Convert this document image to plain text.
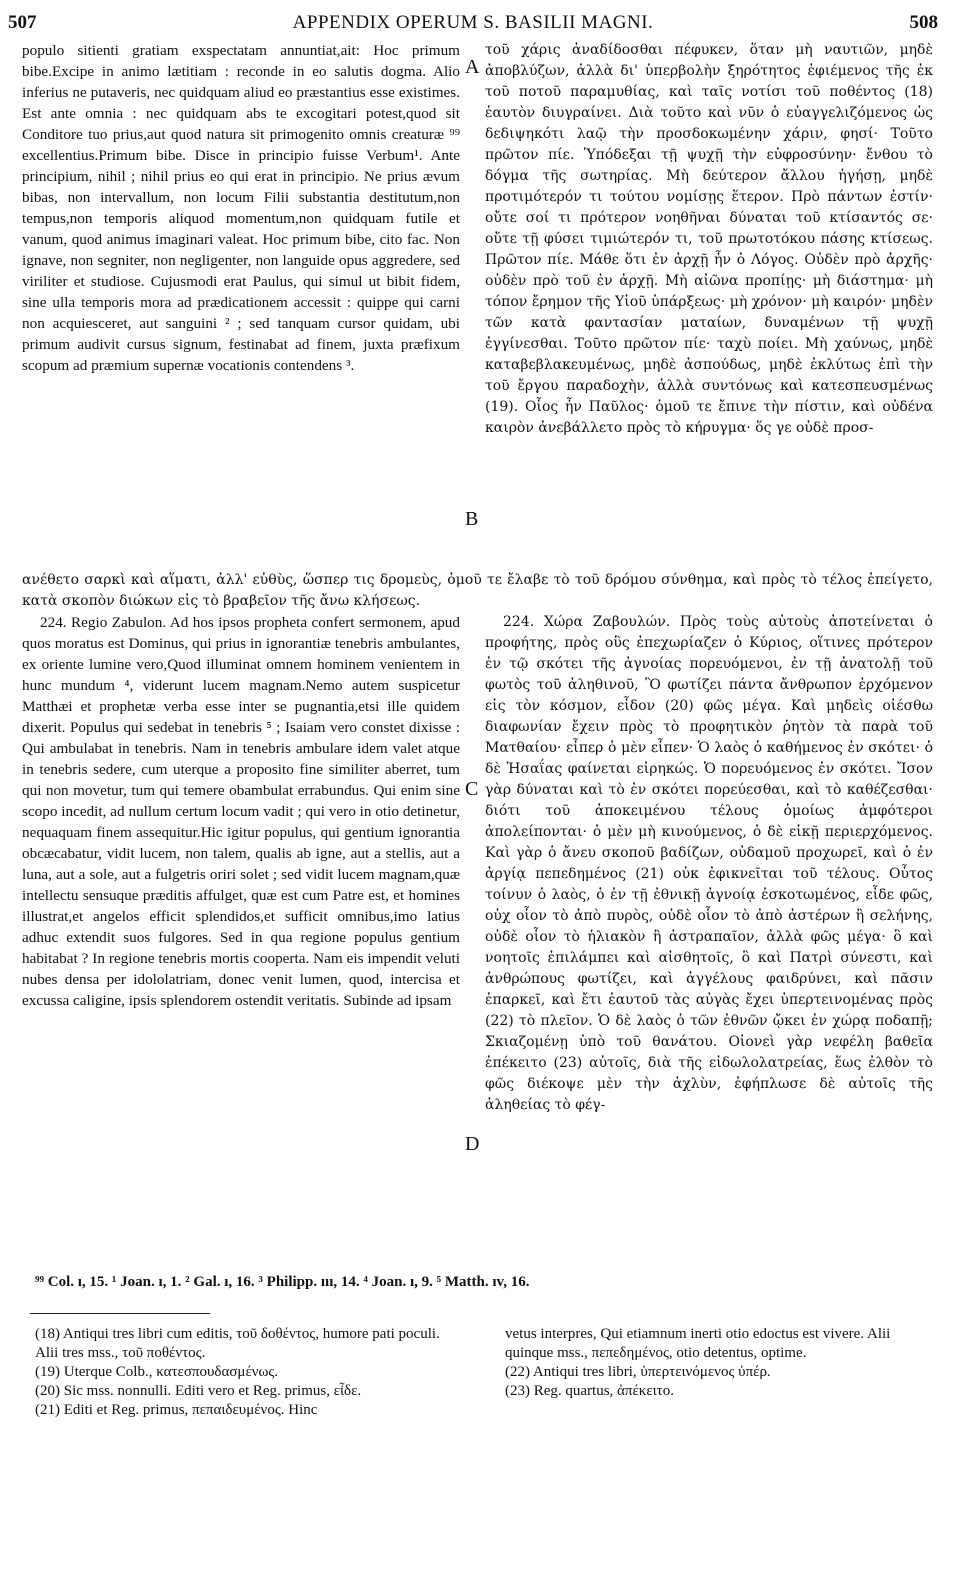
507	APPENDIX OPERUM S. BASILII MAGNI.	508

populo sitienti gratiam exspectatam annuntiat,ait: Hoc primum bibe.Excipe in animo lætitiam : reconde in eo salutis dogma. Alio inferius ne putaveris, nec quidquam aliud eo præstantius esse existimes. Est ante omnia : nec quidquam abs te excogitari potest,quod sit Conditore tuo prius,aut quod natura sit primogenito omnis creaturæ ⁹⁹ excellentius.Primum bibe. Disce in principio fuisse Verbum¹. Ante principium, nihil ; nihil prius eo qui erat in principio. Ne prius ævum bibas, non intervallum, non locum Filii substantia destitutum,non tempus,non temporis aliquod momentum,non quidquam futile et vanum, quod animus imaginari valeat. Hoc primum bibe, cito fac. Non ignave, non segniter, non negligenter, non languide opus aggredere, sed viriliter et studiose. Cujusmodi erat Paulus, qui simul ut bibit fidem, sine ulla temporis mora ad prædicationem accessit : quippe qui carni non acquiesceret, aut sanguini ² ; sed tanquam cursor quidam, ubi primum audivit cursus signum, festinabat ad finem, juxta præfixum scopum ad præmium supernæ vocationis contendens ³.

A
B

τοῦ χάρις ἀναδίδοσθαι πέφυκεν, ὅταν μὴ ναυτιῶν, μηδὲ ἀποβλύζων, ἀλλὰ δι' ὑπερβολὴν ξηρότητος ἐφιέμενος τῆς ἐκ τοῦ ποτοῦ παραμυθίας, καὶ ταῖς νοτίσι τοῦ ποθέντος (18) ἑαυτὸν διυγραίνει. Διὰ τοῦτο καὶ νῦν ὁ εὐαγγελιζόμενος ὡς δεδιψηκότι λαῷ τὴν προσδοκωμένην χάριν, φησί· Τοῦτο πρῶτον πίε. Ὑπόδεξαι τῇ ψυχῇ τὴν εὐφροσύνην· ἔνθου τὸ δόγμα τῆς σωτηρίας. Μὴ δεύτερον ἄλλου ἡγήσῃ, μηδὲ προτιμότερόν τι τούτου νομίσῃς ἕτερον. Πρὸ πάντων ἐστίν· οὔτε σοί τι πρότερον νοηθῆναι δύναται τοῦ κτίσαντός σε· οὔτε τῇ φύσει τιμιώτερόν τι, τοῦ πρωτοτόκου πάσης κτίσεως. Πρῶτον πίε. Μάθε ὅτι ἐν ἀρχῇ ἦν ὁ Λόγος. Οὐδὲν πρὸ ἀρχῆς· οὐδὲν πρὸ τοῦ ἐν ἀρχῇ. Μὴ αἰῶνα προπίῃς· μὴ διάστημα· μὴ τόπον ἔρημον τῆς Υἱοῦ ὑπάρξεως· μὴ χρόνον· μὴ καιρόν· μηδὲν τῶν κατὰ φαντασίαν ματαίων, δυναμένων τῇ ψυχῇ ἐγγίνεσθαι. Τοῦτο πρῶτον πίε· ταχὺ ποίει. Μὴ χαύνως, μηδὲ καταβεβλακευμένως, μηδὲ ἀσπούδως, μηδὲ ἐκλύτως ἐπὶ τὴν τοῦ ἔργου παραδοχὴν, ἀλλὰ συντόνως καὶ κατεσπευσμένως (19). Οἷος ἦν Παῦλος· ὁμοῦ τε ἔπινε τὴν πίστιν, καὶ οὐδένα καιρὸν ἀνεβάλλετο πρὸς τὸ κήρυγμα· ὅς γε οὐδὲ προσ-

ανέθετο σαρκὶ καὶ αἵματι, ἀλλ' εὐθὺς, ὥσπερ τις δρομεὺς, ὁμοῦ τε ἔλαβε τὸ τοῦ δρόμου σύνθημα, καὶ πρὸς τὸ τέλος ἐπείγετο, κατὰ σκοπὸν διώκων εἰς τὸ βραβεῖον τῆς ἄνω κλήσεως.

224. Regio Zabulon. Ad hos ipsos propheta confert sermonem, apud quos moratus est Dominus, qui prius in ignorantiæ tenebris ambulantes, ex oriente lumine vero,Quod illuminat omnem hominem venientem in hunc mundum ⁴, viderunt lucem magnam.Nemo autem suspicetur Matthæi et prophetæ verba esse inter se pugnantia,etsi ille quidem dixerit. Populus qui sedebat in tenebris ⁵ ; Isaiam vero constet dixisse : Qui ambulabat in tenebris. Nam in tenebris ambulare idem valet atque in tenebris sedere, cum uterque a proposito fine similiter aberret, tum qui non movetur, tum qui temere obambulat errabundus. Qui enim sine scopo incedit, ad nullum certum locum vadit ; qui vero in otio detinetur, nequaquam finem assequitur.Hic igitur populus, qui gentium ignorantia obcæcabatur, vidit lucem, non talem, qualis ab igne, aut a stellis, aut a luna, aut a sole, aut a fulgetris oriri solet ; sed vidit lucem magnam,quæ intellectu sensuque præditis affulget, quæ est cum Patre est, et homines illustrat,et angelos efficit splendidos,et sufficit omnibus,imo latius adhuc extendit suos fulgores. Sed in qua regione populus gentium habitabat ? In regione tenebris mortis cooperta. Nam eis impendit veluti nubes densa per idololatriam, donec venit lumen, quod, intercisa et excussa caligine, ipsis splendorem ostendit veritatis. Subinde ad ipsam

C
D

224. Χώρα Ζαβουλών. Πρὸς τοὺς αὐτοὺς ἀποτείνεται ὁ προφήτης, πρὸς οὓς ἐπεχωρίαζεν ὁ Κύριος, οἵτινες πρότερον ἐν τῷ σκότει τῆς ἀγνοίας πορευόμενοι, ἐν τῇ ἀνατολῇ τοῦ φωτὸς τοῦ ἀληθινοῦ, Ὃ φωτίζει πάντα ἄνθρωπον ἐρχόμενον εἰς τὸν κόσμον, εἶδον (20) φῶς μέγα. Καὶ μηδεὶς οἰέσθω διαφωνίαν ἔχειν πρὸς τὸ προφητικὸν ῥητὸν τὰ παρὰ τοῦ Ματθαίου· εἶπερ ὁ μὲν εἶπεν· Ὁ λαὸς ὁ καθήμενος ἐν σκότει· ὁ δὲ Ἡσαΐας φαίνεται εἰρηκώς. Ὁ πορευόμενος ἐν σκότει. Ἴσον γὰρ δύναται καὶ τὸ ἐν σκότει πορεύεσθαι, καὶ τὸ καθέζεσθαι· διότι τοῦ ἀποκειμένου τέλους ὁμοίως ἀμφότεροι ἀπολείπονται· ὁ μὲν μὴ κινούμενος, ὁ δὲ εἰκῇ περιερχόμενος. Καὶ γὰρ ὁ ἄνευ σκοποῦ βαδίζων, οὐδαμοῦ προχωρεῖ, καὶ ὁ ἐν ἀργίᾳ πεπεδημένος (21) οὐκ ἐφικνεῖται τοῦ τέλους. Οὗτος τοίνυν ὁ λαὸς, ὁ ἐν τῇ ἐθνικῇ ἀγνοίᾳ ἐσκοτωμένος, εἶδε φῶς, οὐχ οἷον τὸ ἀπὸ πυρὸς, οὐδὲ οἷον τὸ ἀπὸ ἀστέρων ἢ σελήνης, οὐδὲ οἷον τὸ ἡλιακὸν ἢ ἀστραπαῖον, ἀλλὰ φῶς μέγα· ὃ καὶ νοητοῖς ἐπιλάμπει καὶ αἰσθητοῖς, ὃ καὶ Πατρὶ σύνεστι, καὶ ἀνθρώπους φωτίζει, καὶ ἀγγέλους φαιδρύνει, καὶ πᾶσιν ἐπαρκεῖ, καὶ ἔτι ἑαυτοῦ τὰς αὐγὰς ἔχει ὑπερτεινομένας πρὸς (22) τὸ πλεῖον. Ὁ δὲ λαὸς ὁ τῶν ἐθνῶν ᾤκει ἐν χώρᾳ ποδαπῇ; Σκιαζομένῃ ὑπὸ τοῦ θανάτου. Οἱονεὶ γὰρ νεφέλη βαθεῖα ἐπέκειτο (23) αὐτοῖς, διὰ τῆς εἰδωλολατρείας, ἕως ἐλθὸν τὸ φῶς διέκοψε μὲν τὴν ἀχλὺν, ἐφήπλωσε δὲ αὐτοῖς τῆς ἀληθείας τὸ φέγ-

⁹⁹ Col. ı, 15. ¹ Joan. ı, 1. ² Gal. ı, 16. ³ Philipp. ııı, 14. ⁴ Joan. ı, 9. ⁵ Matth. ıv, 16.
(18) Antiqui tres libri cum editis, τοῦ δοθέντος, humore pati poculi. Alii tres mss., τοῦ ποθέντος.
(19) Uterque Colb., κατεσπουδασμένως.
(20) Sic mss. nonnulli. Editi vero et Reg. primus, εἶδε.
(21) Editi et Reg. primus, πεπαιδευμένος. Hinc
vetus interpres, Qui etiamnum inerti otio edoctus est vivere. Alii quinque mss., πεπεδημένος, otio detentus, optime.
(22) Antiqui tres libri, ὑπερτεινόμενος ὑπέρ.
(23) Reg. quartus, ἀπέκειτο.
